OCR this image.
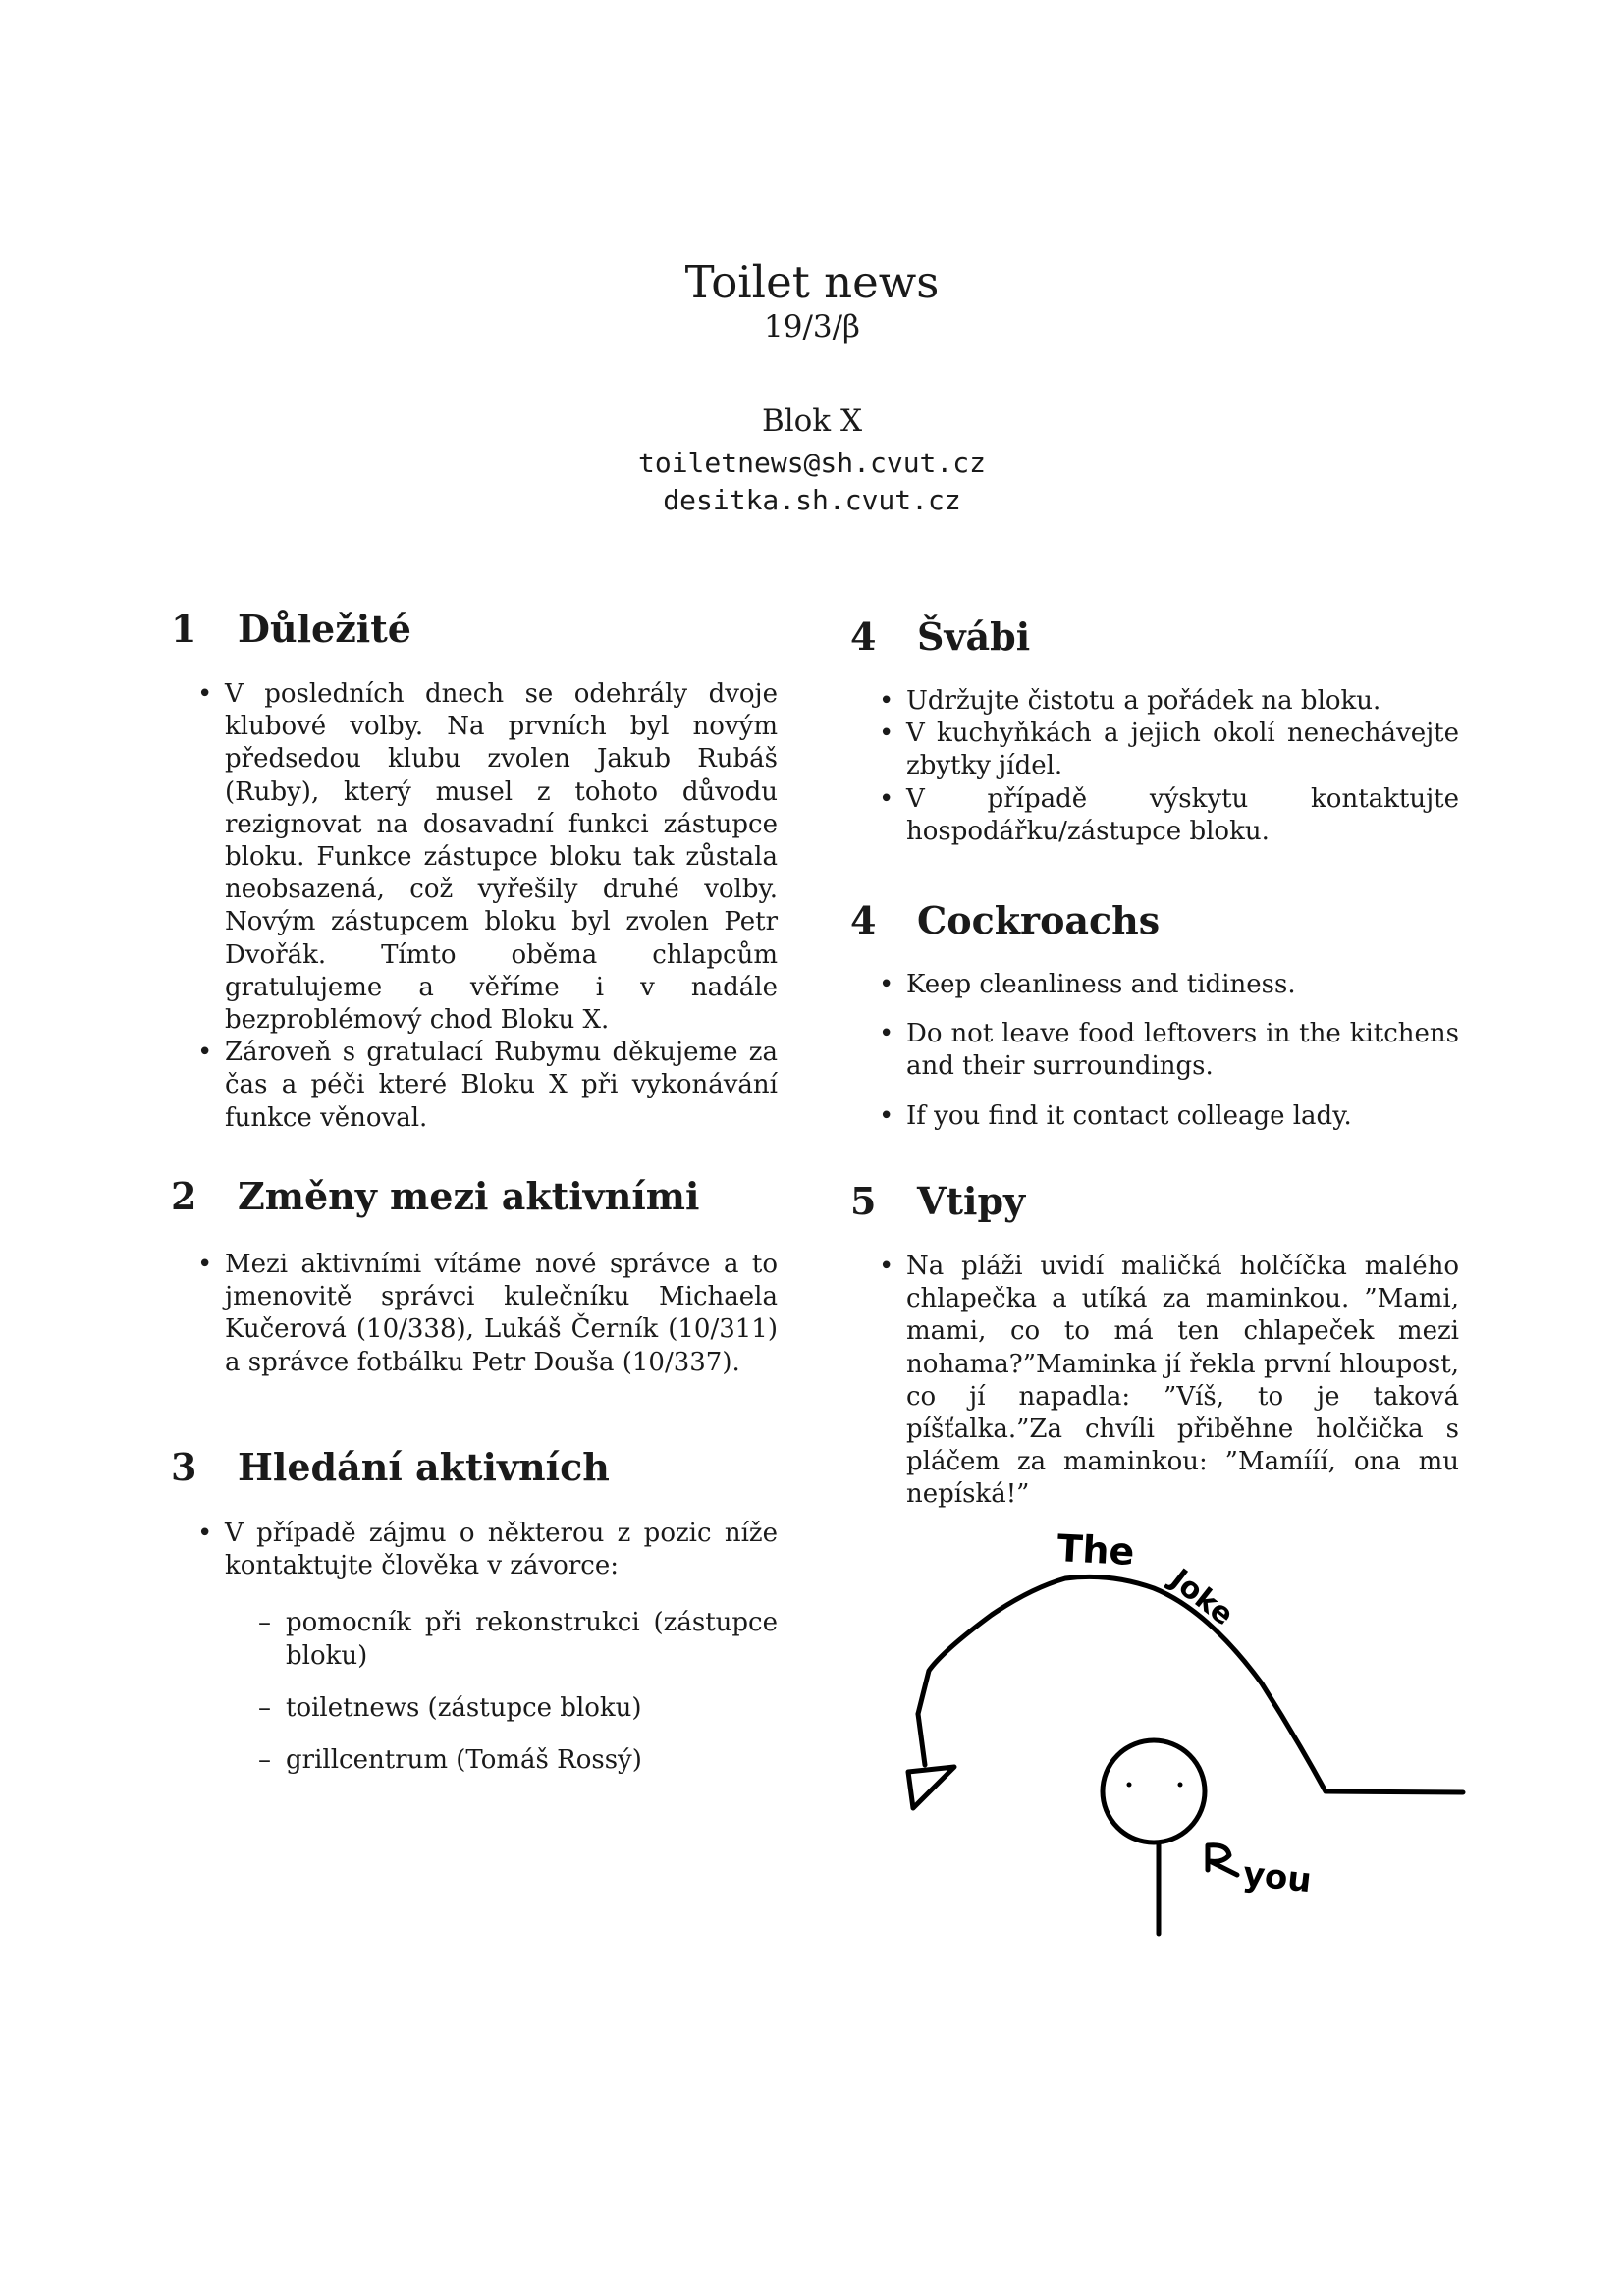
Toilet news
19/3/β
Blok X
toiletnews@sh.cvut.cz
desitka.sh.cvut.cz
1 Důležité
• V posledních dnech se odehrály dvoje klubové volby. Na prvních byl novým předsedou klubu zvolen Jakub Rubáš (Ruby), který musel z tohoto důvodu rezignovat na dosavadní funkci zástupce bloku. Funkce zástupce bloku tak zůstala neobsazená, což vyřešily druhé volby. Novým zástupcem bloku byl zvolen Petr Dvořák. Tímto oběma chlapcům gratulujeme a věříme i v nadále bezproblémový chod Bloku X.
• Zároveň s gratulací Rubymu děkujeme za čas a péči které Bloku X při vykonávání funkce věnoval.
2 Změny mezi aktivními
• Mezi aktivními vítáme nové správce a to jmenovitě správci kulečníku Michaela Kučerová (10/338), Lukáš Černík (10/311) a správce fotbálku Petr Douša (10/337).
3 Hledání aktivních
• V případě zájmu o některou z pozic níže kontaktujte člověka v závorce:
– pomocník při rekonstrukci (zástupce bloku)
– toiletnews (zástupce bloku)
– grillcentrum (Tomáš Rossý)
4 Švábi
• Udržujte čistotu a pořádek na bloku.
• V kuchyňkách a jejich okolí nenechávejte zbytky jídel.
• V případě výskytu kontaktujte hospodářku/zástupce bloku.
4 Cockroachs
• Keep cleanliness and tidiness.
• Do not leave food leftovers in the kitchens and their surroundings.
• If you find it contact colleage lady.
5 Vtipy
• Na pláži uvidí maličká holčíčka malého chlapečka a utíká za maminkou. ”Mami, mami, co to má ten chlapeček mezi nohama?”Maminka jí řekla první hloupost, co jí napadla: ”Víš, to je taková píšťalka.”Za chvíli přiběhne holčička s pláčem za maminkou: ”Mamííí, ona mu nepíská!”
The
Joke
you
